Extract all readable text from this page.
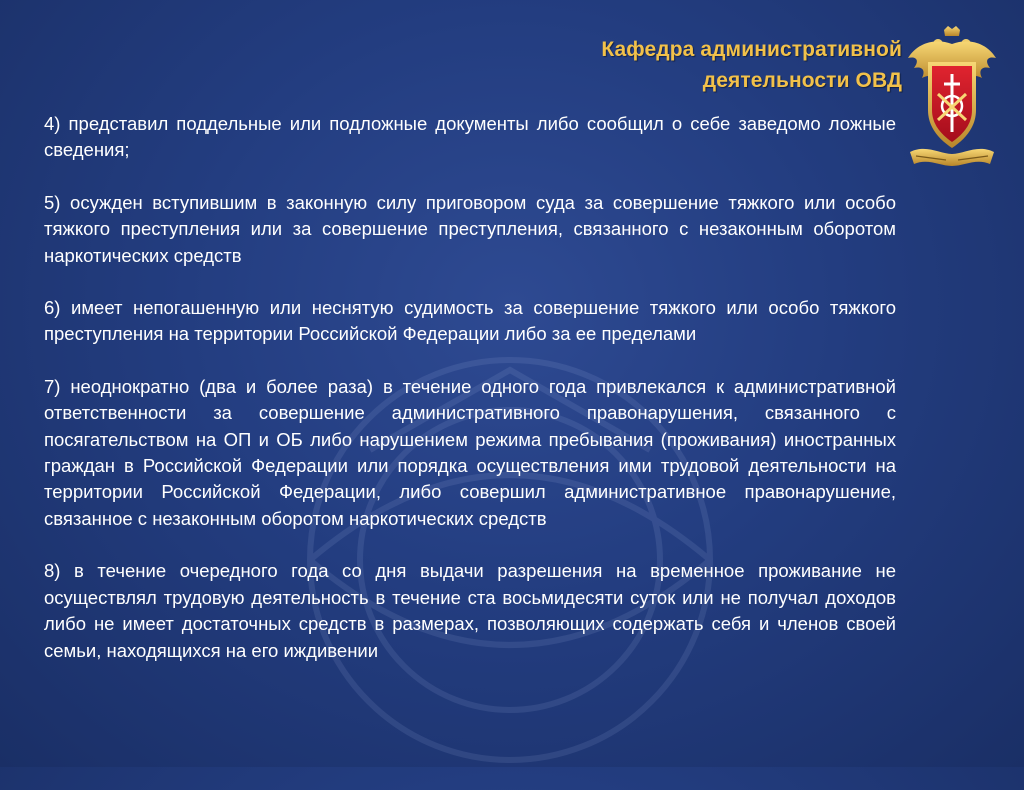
Кафедра административной
деятельности ОВД

4) представил поддельные или подложные документы либо сообщил о себе заведомо ложные сведения;

5) осужден вступившим в законную силу приговором суда за совершение тяжкого или особо тяжкого преступления или за совершение преступления, связанного с незаконным оборотом наркотических средств

6) имеет непогашенную или неснятую судимость за совершение тяжкого или особо тяжкого преступления на территории Российской Федерации либо за ее пределами

7) неоднократно (два и более раза) в течение одного года привлекался к административной ответственности за совершение административного правонарушения, связанного с посягательством на ОП и ОБ либо нарушением режима пребывания (проживания) иностранных граждан в Российской Федерации или порядка осуществления ими трудовой деятельности на территории Российской Федерации, либо совершил административное правонарушение, связанное с незаконным оборотом наркотических средств

8) в течение очередного года со дня выдачи разрешения на временное проживание не осуществлял трудовую деятельность в течение ста восьмидесяти суток или не получал доходов либо не имеет достаточных средств в размерах, позволяющих содержать себя и членов своей семьи, находящихся на его иждивении
